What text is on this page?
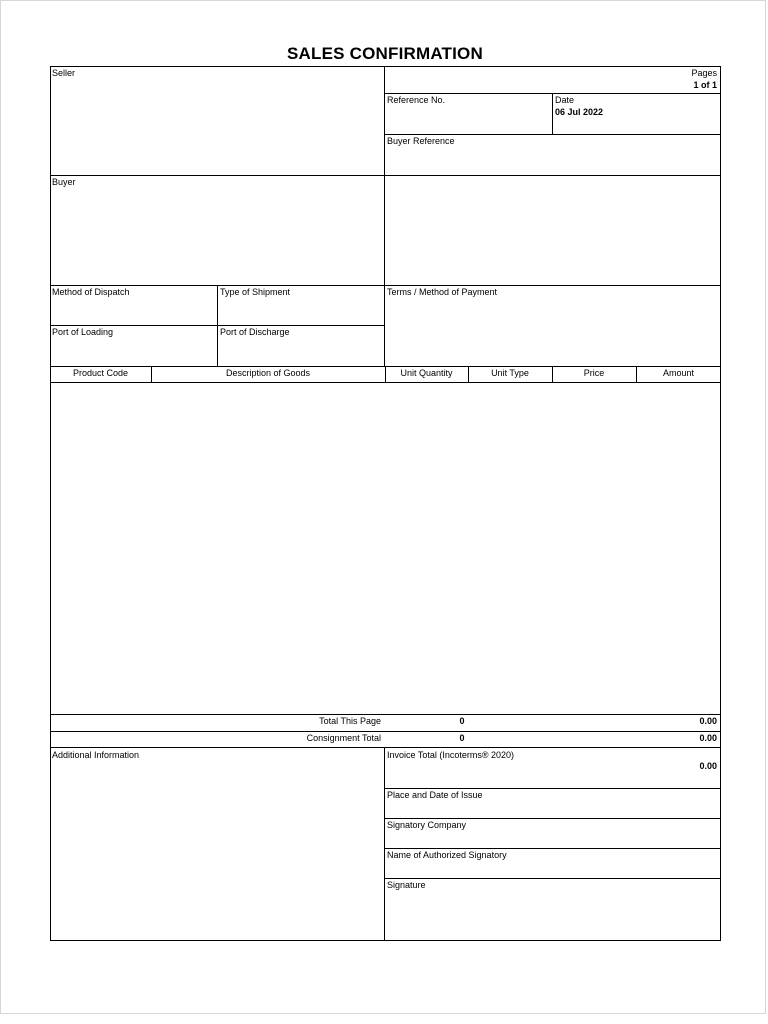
SALES CONFIRMATION
Seller	Pages
1 of 1
Reference No.	Date
06 Jul 2022
Buyer Reference
Buyer
Method of Dispatch	Type of Shipment	Terms / Method of Payment
Port of Loading	Port of Discharge
Product Code	Description of Goods	Unit Quantity	Unit Type	Price	Amount
Total This Page	0	0.00
Consignment Total	0	0.00
Additional Information	Invoice Total (Incoterms® 2020)
0.00
Place and Date of Issue
Signatory Company
Name of Authorized Signatory
Signature
